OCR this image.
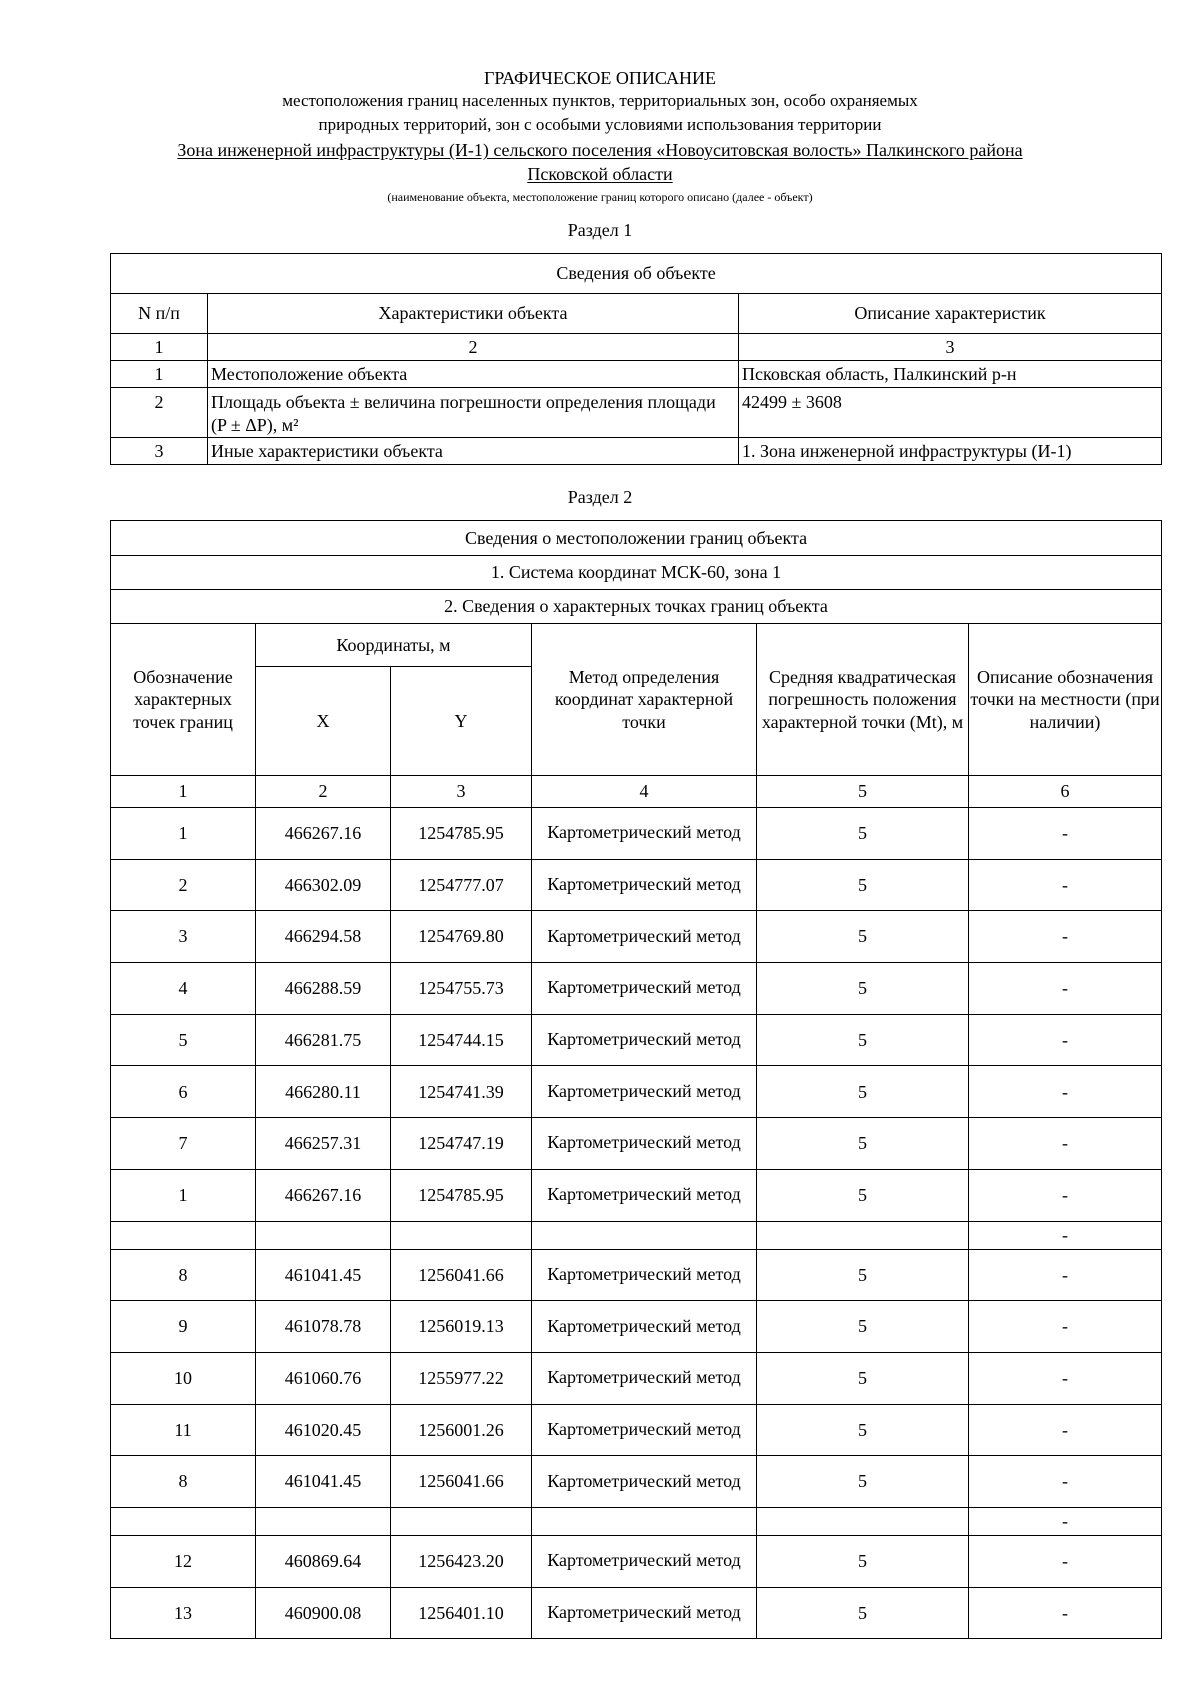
ГРАФИЧЕСКОЕ ОПИСАНИЕ
местоположения границ населенных пунктов, территориальных зон, особо охраняемых
природных территорий, зон с особыми условиями использования территории
Зона инженерной инфраструктуры (И-1) сельского поселения «Новоуситовская волость» Палкинского района
Псковской области
(наименование объекта, местоположение границ которого описано (далее - объект)
Раздел 1
Сведения об объекте		
N п/п	Характеристики объекта	Описание характеристик
1	2	3
1	Местоположение объекта	Псковская область, Палкинский р-н
2	Площадь объекта ± величина погрешности определения площади (P ± ΔP), м²	42499 ± 3608
3	Иные характеристики объекта	1. Зона инженерной инфраструктуры (И-1)
Раздел 2
Сведения о местоположении границ объекта					
1. Система координат МСК-60, зона 1					
2. Сведения о характерных точках границ объекта					
Обозначение характерных точек границ	Координаты, м		Метод определения координат характерной точки	Средняя квадратическая погрешность положения характерной точки (Mt), м	Описание обозначения точки на местности (при наличии)
	X	Y			
1	2	3	4	5	6
1	466267.16	1254785.95	Картометрический метод	5	-
2	466302.09	1254777.07	Картометрический метод	5	-
3	466294.58	1254769.80	Картометрический метод	5	-
4	466288.59	1254755.73	Картометрический метод	5	-
5	466281.75	1254744.15	Картометрический метод	5	-
6	466280.11	1254741.39	Картометрический метод	5	-
7	466257.31	1254747.19	Картометрический метод	5	-
1	466267.16	1254785.95	Картометрический метод	5	-
					-
8	461041.45	1256041.66	Картометрический метод	5	-
9	461078.78	1256019.13	Картометрический метод	5	-
10	461060.76	1255977.22	Картометрический метод	5	-
11	461020.45	1256001.26	Картометрический метод	5	-
8	461041.45	1256041.66	Картометрический метод	5	-
					-
12	460869.64	1256423.20	Картометрический метод	5	-
13	460900.08	1256401.10	Картометрический метод	5	-
